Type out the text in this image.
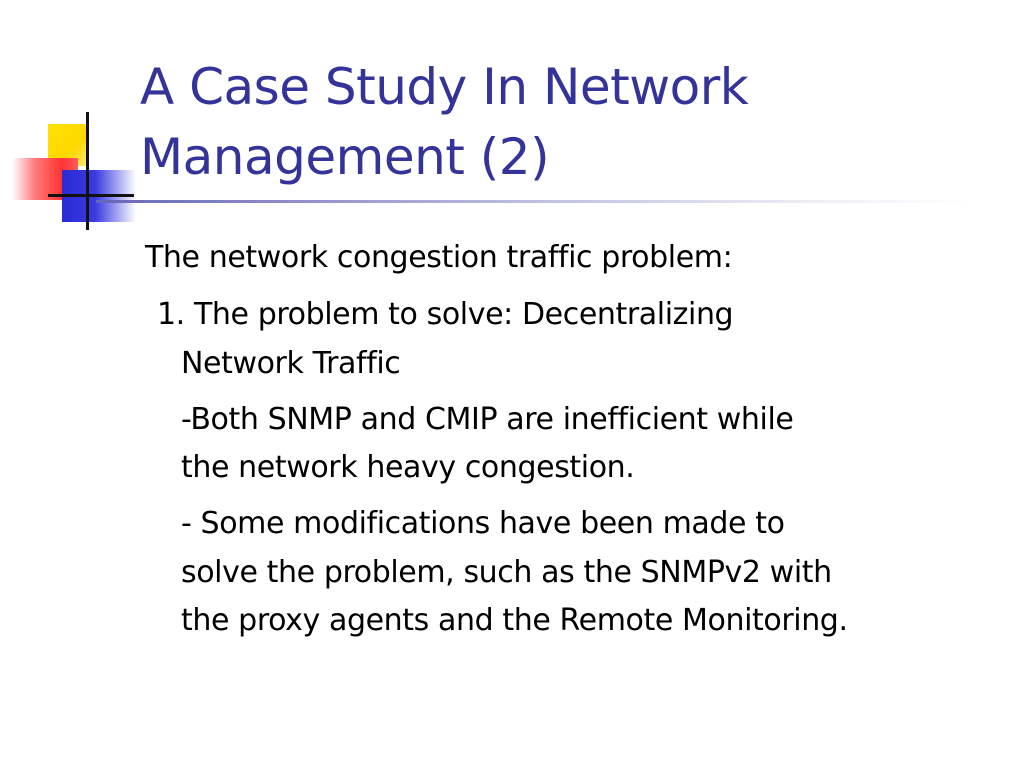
A Case Study In Network
Management (2)
The network congestion traffic problem:
1. The problem to solve: Decentralizing
Network Traffic
-Both SNMP and CMIP are inefficient while
the network heavy congestion.
- Some modifications have been made to
solve the problem, such as the SNMPv2 with
the proxy agents and the Remote Monitoring.
